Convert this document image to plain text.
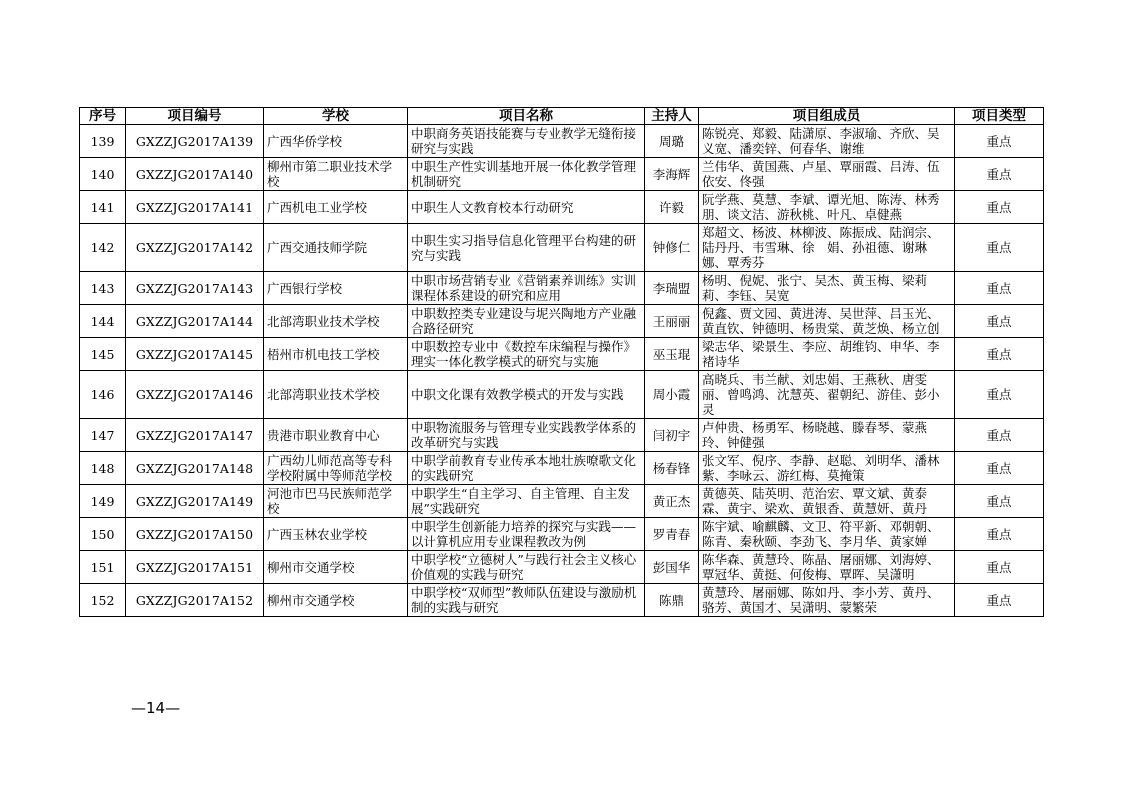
序号	项目编号	学校	项目名称	主持人	项目组成员	项目类型
139	GXZZJG2017A139	广西华侨学校	中职商务英语技能赛与专业教学无缝衔接研究与实践	周璐	陈锐亮、郑毅、陆潇原、李淑瑜、齐欣、吴义宽、潘奕锌、何春华、谢维	重点
140	GXZZJG2017A140	柳州市第二职业技术学校	中职生产性实训基地开展一体化教学管理机制研究	李海辉	兰伟华、黄国燕、卢星、覃丽霞、吕涛、伍依安、佟强	重点
141	GXZZJG2017A141	广西机电工业学校	中职生人文教育校本行动研究	许毅	阮学燕、莫慧、李斌、谭光旭、陈涛、林秀朋、谈文洁、游秋桃、叶凡、卓健燕	重点
142	GXZZJG2017A142	广西交通技师学院	中职生实习指导信息化管理平台构建的研究与实践	钟修仁	郑超文、杨波、林柳波、陈振成、陆润宗、陆丹丹、韦雪琳、徐　娟、孙祖德、谢琳娜、覃秀芬	重点
143	GXZZJG2017A143	广西银行学校	中职市场营销专业《营销素养训练》实训课程体系建设的研究和应用	李瑞盟	杨明、倪妮、张宁、吴杰、黄玉梅、梁莉莉、李钰、吴宽	重点
144	GXZZJG2017A144	北部湾职业技术学校	中职数控类专业建设与坭兴陶地方产业融合路径研究	王丽丽	倪鑫、贾文园、黄进涛、吴世萍、吕玉光、黄直钦、钟德明、杨贵棠、黄芝焕、杨立创	重点
145	GXZZJG2017A145	梧州市机电技工学校	中职数控专业中《数控车床编程与操作》理实一体化教学模式的研究与实施	巫玉琨	梁志华、梁景生、李应、胡维钧、申华、李褚诗华	重点
146	GXZZJG2017A146	北部湾职业技术学校	中职文化课有效教学模式的开发与实践	周小霞	高晓兵、韦兰献、刘忠娟、王燕秋、唐雯丽、曾鸣鸿、沈慧英、翟朝纪、游佳、彭小灵	重点
147	GXZZJG2017A147	贵港市职业教育中心	中职物流服务与管理专业实践教学体系的改革研究与实践	闫初宇	卢仲贵、杨勇军、杨晓越、滕春琴、蒙燕玲、钟健强	重点
148	GXZZJG2017A148	广西幼儿师范高等专科学校附属中等师范学校	中职学前教育专业传承本地壮族嘹歌文化的实践研究	杨春锋	张文军、倪序、李静、赵聪、刘明华、潘林紫、李咏云、游红梅、莫掩策	重点
149	GXZZJG2017A149	河池市巴马民族师范学校	中职学生“自主学习、自主管理、自主发展”实践研究	黄正杰	黄德英、陆英明、范治宏、覃文斌、黄泰霖、黄宇、梁欢、黄银香、黄慧妍、黄丹	重点
150	GXZZJG2017A150	广西玉林农业学校	中职学生创新能力培养的探究与实践——以计算机应用专业课程教改为例	罗青春	陈宇斌、喻麒麟、文卫、符平新、邓朝朝、陈青、秦秋颐、李劲飞、李月华、黄家婵	重点
151	GXZZJG2017A151	柳州市交通学校	中职学校“立德树人”与践行社会主义核心价值观的实践与研究	彭国华	陈华森、黄慧玲、陈晶、屠丽娜、刘海婷、覃冠华、黄挺、何俊梅、覃晖、吴潇明	重点
152	GXZZJG2017A152	柳州市交通学校	中职学校“双师型”教师队伍建设与激励机制的实践与研究	陈鼎	黄慧玲、屠丽娜、陈如丹、李小芳、黄丹、骆芳、黄国才、吴潇明、蒙繁荣	重点
—14—
